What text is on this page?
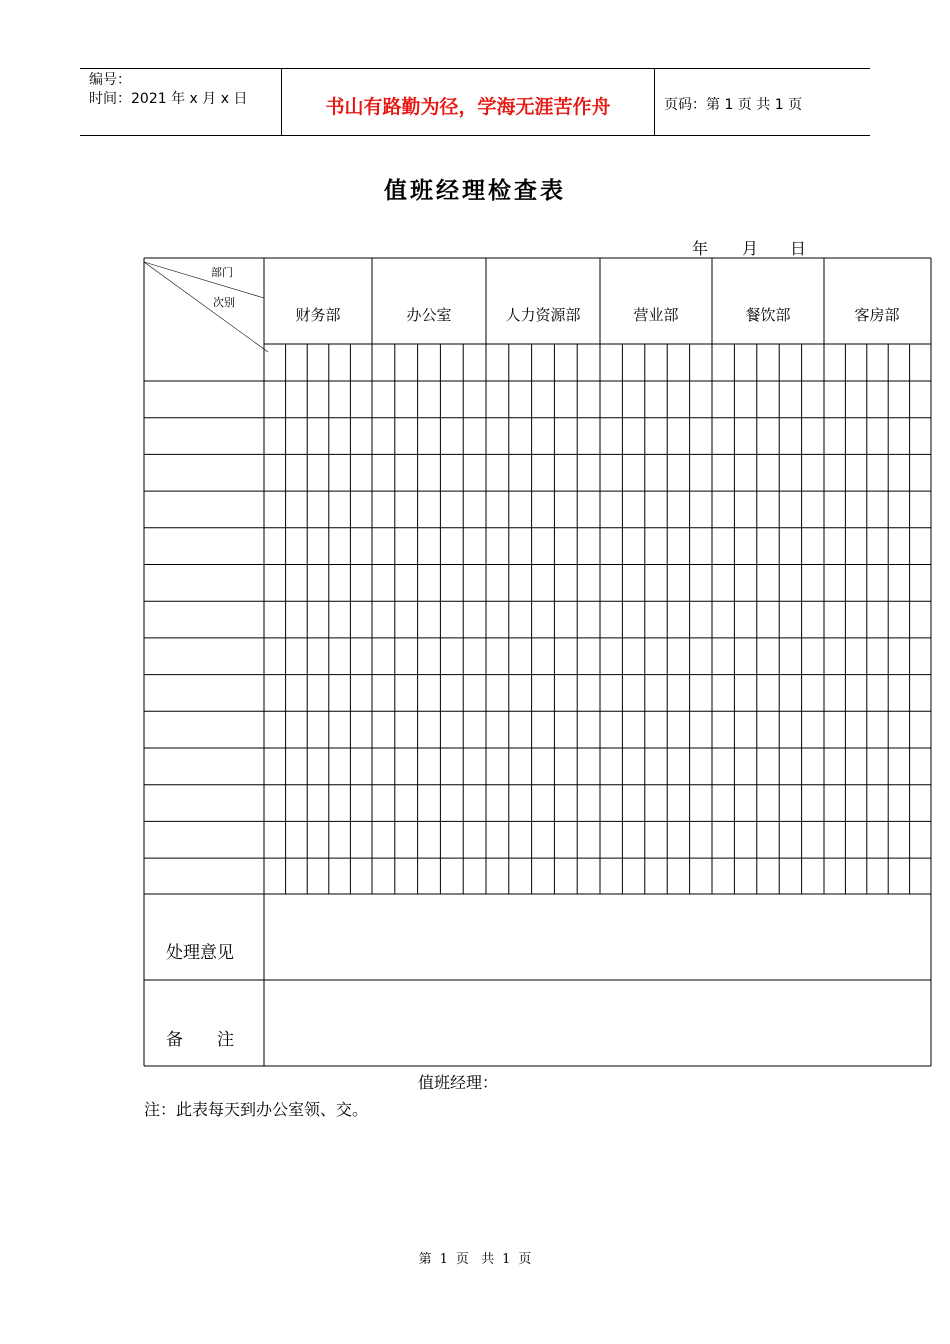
编号：
时间：2021 年 x 月 x 日	书山有路勤为径，学海无涯苦作舟	页码：第 1 页 共 1 页
值班经理检查表
年 月 日
部门
次别
财务部	办公室	人力资源部	营业部	餐饮部	客房部
处理意见
备　　注
值班经理：
注：此表每天到办公室领、交。
第 1 页 共 1 页
